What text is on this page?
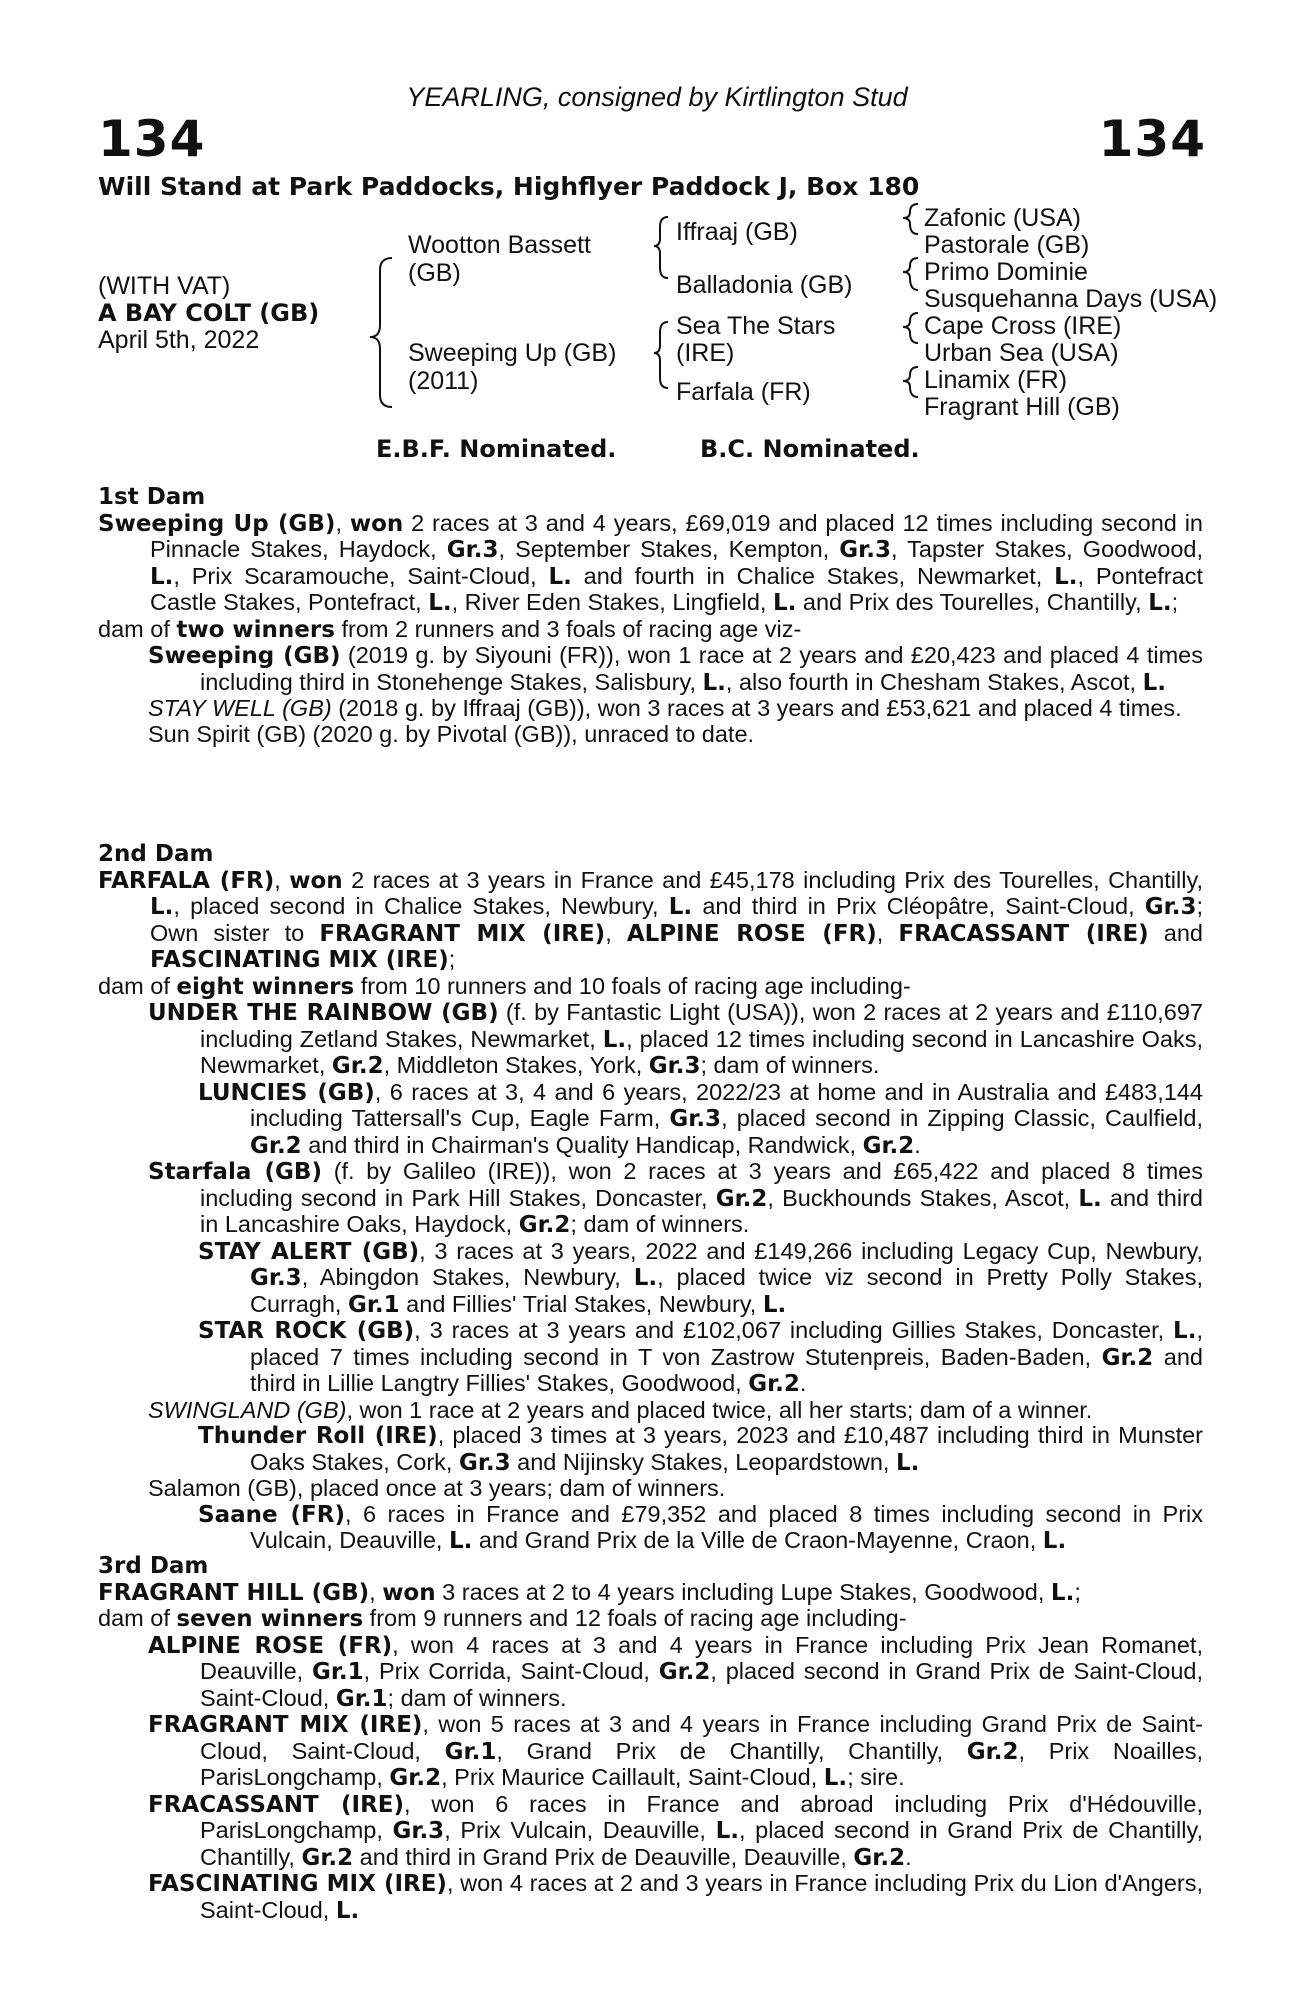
YEARLING, consigned by Kirtlington Stud
134	134
Will Stand at Park Paddocks, Highflyer Paddock J, Box 180
(WITH VAT)
A BAY COLT (GB)
April 5th, 2022
Wootton Bassett
(GB)
Sweeping Up (GB)
(2011)
Iffraaj (GB)
Balladonia (GB)
Sea The Stars
(IRE)
Farfala (FR)
Zafonic (USA)
Pastorale (GB)
Primo Dominie
Susquehanna Days (USA)
Cape Cross (IRE)
Urban Sea (USA)
Linamix (FR)
Fragrant Hill (GB)
E.B.F. Nominated.	B.C. Nominated.

1st Dam

Sweeping Up (GB), won 2 races at 3 and 4 years, £69,019 and placed 12 times including second in Pinnacle Stakes, Haydock, Gr.3, September Stakes, Kempton, Gr.3, Tapster Stakes, Goodwood, L., Prix Scaramouche, Saint-Cloud, L. and fourth in Chalice Stakes, Newmarket, L., Pontefract Castle Stakes, Pontefract, L., River Eden Stakes, Lingfield, L. and Prix des Tourelles, Chantilly, L.;

dam of two winners from 2 runners and 3 foals of racing age viz-

Sweeping (GB) (2019 g. by Siyouni (FR)), won 1 race at 2 years and £20,423 and placed 4 times including third in Stonehenge Stakes, Salisbury, L., also fourth in Chesham Stakes, Ascot, L.

STAY WELL (GB) (2018 g. by Iffraaj (GB)), won 3 races at 3 years and £53,621 and placed 4 times.

Sun Spirit (GB) (2020 g. by Pivotal (GB)), unraced to date.

2nd Dam

FARFALA (FR), won 2 races at 3 years in France and £45,178 including Prix des Tourelles, Chantilly, L., placed second in Chalice Stakes, Newbury, L. and third in Prix Cléopâtre, Saint-Cloud, Gr.3; Own sister to FRAGRANT MIX (IRE), ALPINE ROSE (FR), FRACASSANT (IRE) and FASCINATING MIX (IRE);

dam of eight winners from 10 runners and 10 foals of racing age including-

UNDER THE RAINBOW (GB) (f. by Fantastic Light (USA)), won 2 races at 2 years and £110,697 including Zetland Stakes, Newmarket, L., placed 12 times including second in Lancashire Oaks, Newmarket, Gr.2, Middleton Stakes, York, Gr.3; dam of winners.

LUNCIES (GB), 6 races at 3, 4 and 6 years, 2022/23 at home and in Australia and £483,144 including Tattersall's Cup, Eagle Farm, Gr.3, placed second in Zipping Classic, Caulfield, Gr.2 and third in Chairman's Quality Handicap, Randwick, Gr.2.

Starfala (GB) (f. by Galileo (IRE)), won 2 races at 3 years and £65,422 and placed 8 times including second in Park Hill Stakes, Doncaster, Gr.2, Buckhounds Stakes, Ascot, L. and third in Lancashire Oaks, Haydock, Gr.2; dam of winners.

STAY ALERT (GB), 3 races at 3 years, 2022 and £149,266 including Legacy Cup, Newbury, Gr.3, Abingdon Stakes, Newbury, L., placed twice viz second in Pretty Polly Stakes, Curragh, Gr.1 and Fillies' Trial Stakes, Newbury, L.

STAR ROCK (GB), 3 races at 3 years and £102,067 including Gillies Stakes, Doncaster, L., placed 7 times including second in T von Zastrow Stutenpreis, Baden-Baden, Gr.2 and third in Lillie Langtry Fillies' Stakes, Goodwood, Gr.2.

SWINGLAND (GB), won 1 race at 2 years and placed twice, all her starts; dam of a winner.

Thunder Roll (IRE), placed 3 times at 3 years, 2023 and £10,487 including third in Munster Oaks Stakes, Cork, Gr.3 and Nijinsky Stakes, Leopardstown, L.

Salamon (GB), placed once at 3 years; dam of winners.

Saane (FR), 6 races in France and £79,352 and placed 8 times including second in Prix Vulcain, Deauville, L. and Grand Prix de la Ville de Craon-Mayenne, Craon, L.

3rd Dam

FRAGRANT HILL (GB), won 3 races at 2 to 4 years including Lupe Stakes, Goodwood, L.;

dam of seven winners from 9 runners and 12 foals of racing age including-

ALPINE ROSE (FR), won 4 races at 3 and 4 years in France including Prix Jean Romanet, Deauville, Gr.1, Prix Corrida, Saint-Cloud, Gr.2, placed second in Grand Prix de Saint-Cloud, Saint-Cloud, Gr.1; dam of winners.

FRAGRANT MIX (IRE), won 5 races at 3 and 4 years in France including Grand Prix de Saint-Cloud, Saint-Cloud, Gr.1, Grand Prix de Chantilly, Chantilly, Gr.2, Prix Noailles, ParisLongchamp, Gr.2, Prix Maurice Caillault, Saint-Cloud, L.; sire.

FRACASSANT (IRE), won 6 races in France and abroad including Prix d'Hédouville, ParisLongchamp, Gr.3, Prix Vulcain, Deauville, L., placed second in Grand Prix de Chantilly, Chantilly, Gr.2 and third in Grand Prix de Deauville, Deauville, Gr.2.

FASCINATING MIX (IRE), won 4 races at 2 and 3 years in France including Prix du Lion d'Angers, Saint-Cloud, L.
